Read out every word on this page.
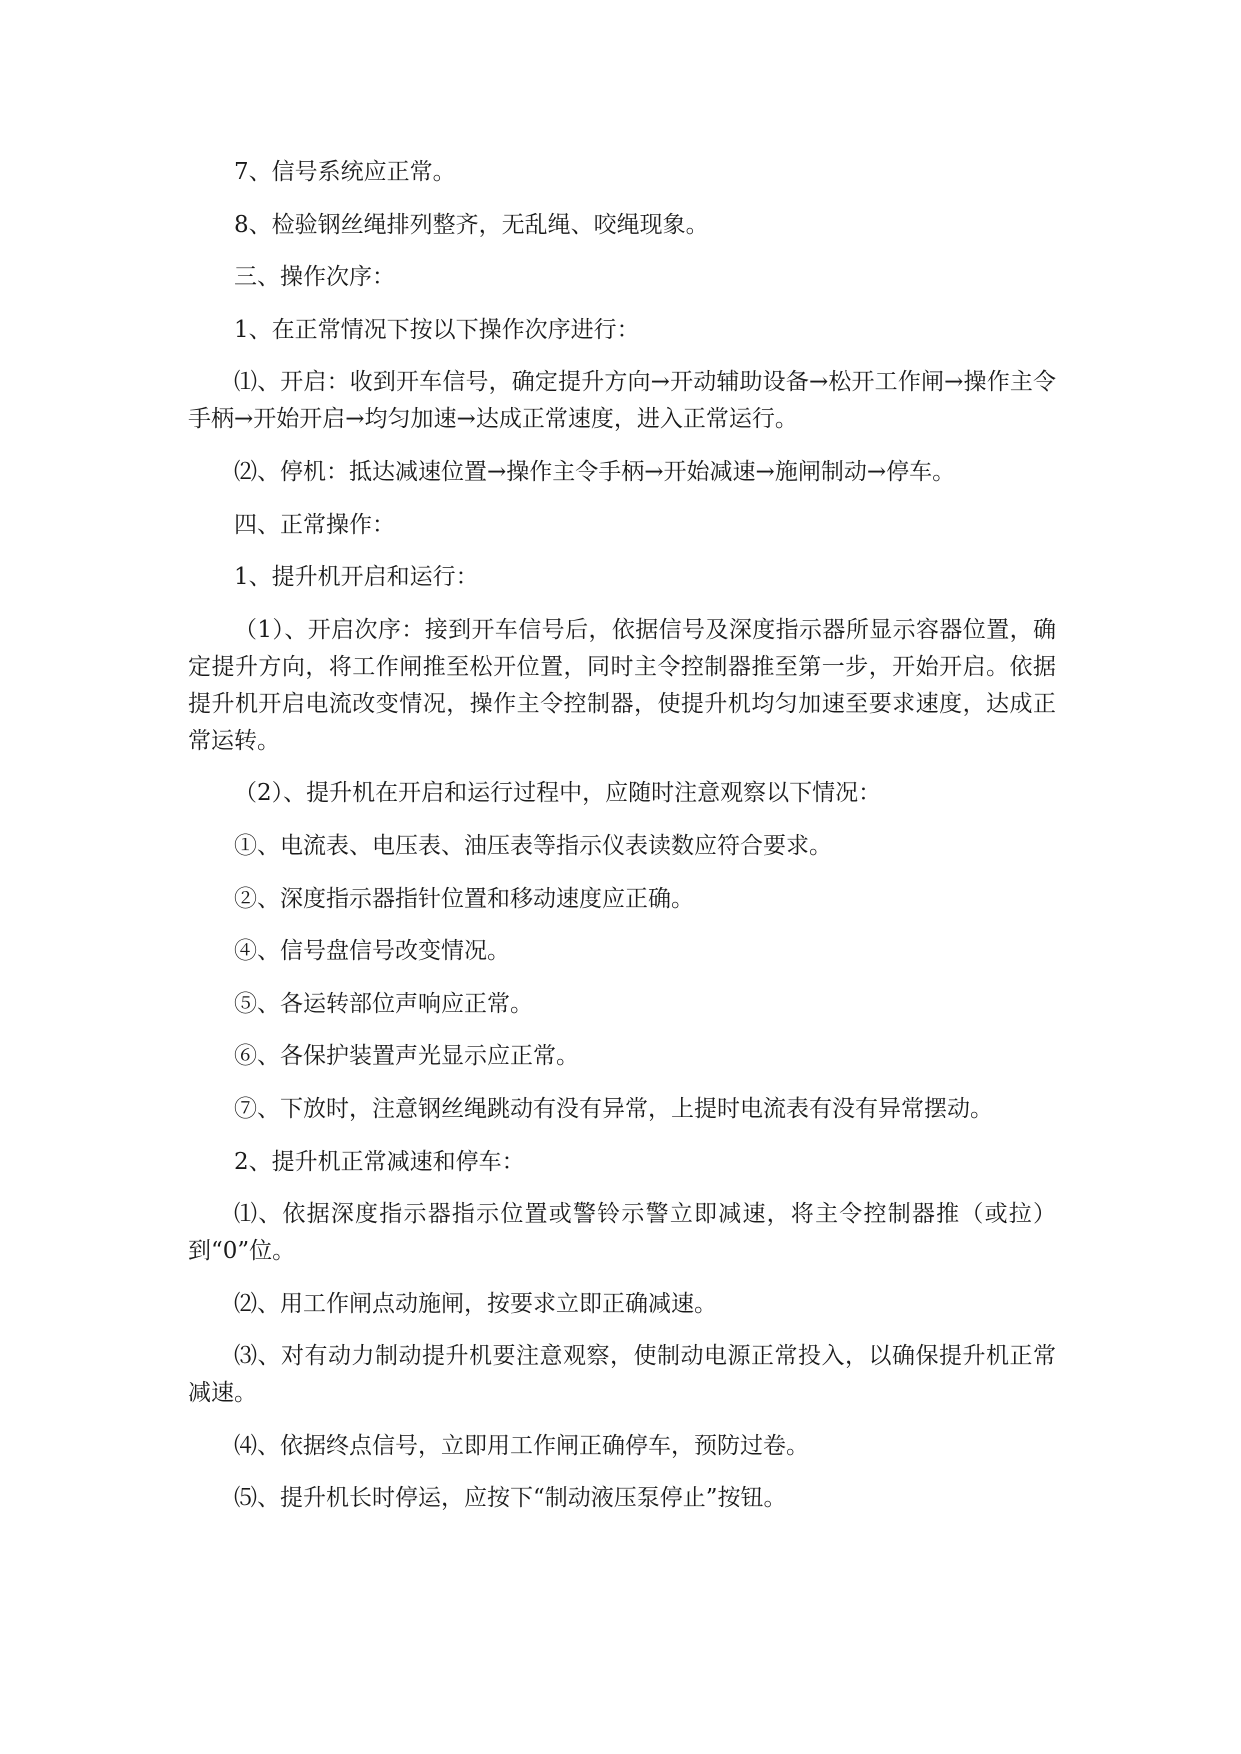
7、信号系统应正常。

8、检验钢丝绳排列整齐，无乱绳、咬绳现象。

三、操作次序：

1、在正常情况下按以下操作次序进行：

⑴、开启：收到开车信号，确定提升方向→开动辅助设备→松开工作闸→操作主令手柄→开始开启→均匀加速→达成正常速度，进入正常运行。

⑵、停机：抵达减速位置→操作主令手柄→开始减速→施闸制动→停车。

四、正常操作：

1、提升机开启和运行：

（1）、开启次序：接到开车信号后，依据信号及深度指示器所显示容器位置，确定提升方向，将工作闸推至松开位置，同时主令控制器推至第一步，开始开启。依据提升机开启电流改变情况，操作主令控制器，使提升机均匀加速至要求速度，达成正常运转。

（2）、提升机在开启和运行过程中，应随时注意观察以下情况：

①、电流表、电压表、油压表等指示仪表读数应符合要求。

②、深度指示器指针位置和移动速度应正确。

④、信号盘信号改变情况。

⑤、各运转部位声响应正常。

⑥、各保护装置声光显示应正常。

⑦、下放时，注意钢丝绳跳动有没有异常，上提时电流表有没有异常摆动。

2、提升机正常减速和停车：

⑴、依据深度指示器指示位置或警铃示警立即减速，将主令控制器推（或拉）到“0”位。

⑵、用工作闸点动施闸，按要求立即正确减速。

⑶、对有动力制动提升机要注意观察，使制动电源正常投入，以确保提升机正常减速。

⑷、依据终点信号，立即用工作闸正确停车，预防过卷。

⑸、提升机长时停运，应按下“制动液压泵停止”按钮。
